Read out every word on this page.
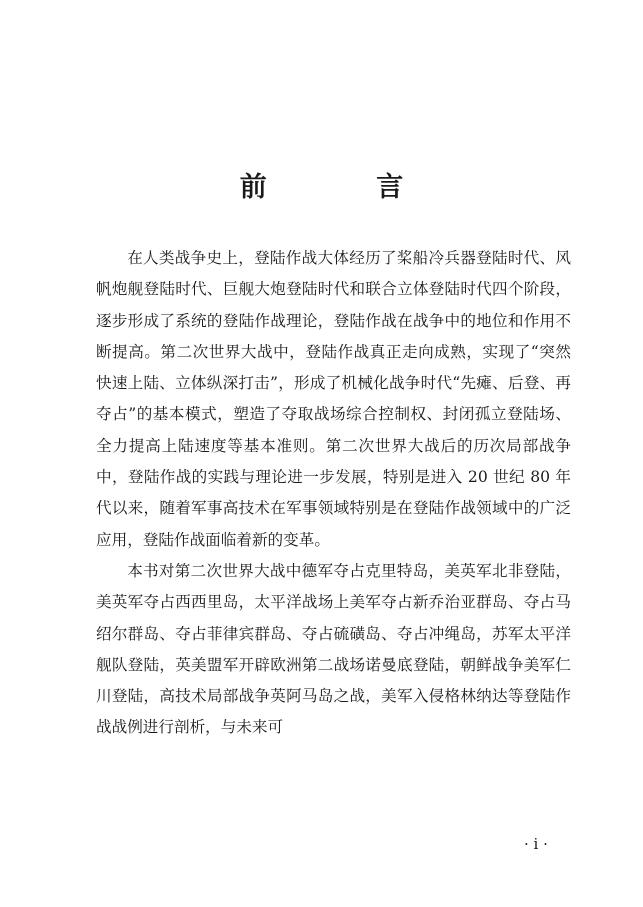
前 言

在人类战争史上，登陆作战大体经历了桨船冷兵器登陆时代、风帆炮舰登陆时代、巨舰大炮登陆时代和联合立体登陆时代四个阶段，逐步形成了系统的登陆作战理论，登陆作战在战争中的地位和作用不断提高。第二次世界大战中，登陆作战真正走向成熟，实现了“突然快速上陆、立体纵深打击”，形成了机械化战争时代“先瘫、后登、再夺占”的基本模式，塑造了夺取战场综合控制权、封闭孤立登陆场、全力提高上陆速度等基本准则。第二次世界大战后的历次局部战争中，登陆作战的实践与理论进一步发展，特别是进入 20 世纪 80 年代以来，随着军事高技术在军事领域特别是在登陆作战领域中的广泛应用，登陆作战面临着新的变革。

本书对第二次世界大战中德军夺占克里特岛，美英军北非登陆，美英军夺占西西里岛，太平洋战场上美军夺占新乔治亚群岛、夺占马绍尔群岛、夺占菲律宾群岛、夺占硫磺岛、夺占冲绳岛，苏军太平洋舰队登陆，英美盟军开辟欧洲第二战场诺曼底登陆，朝鲜战争美军仁川登陆，高技术局部战争英阿马岛之战，美军入侵格林纳达等登陆作战战例进行剖析，与未来可

· i ·
